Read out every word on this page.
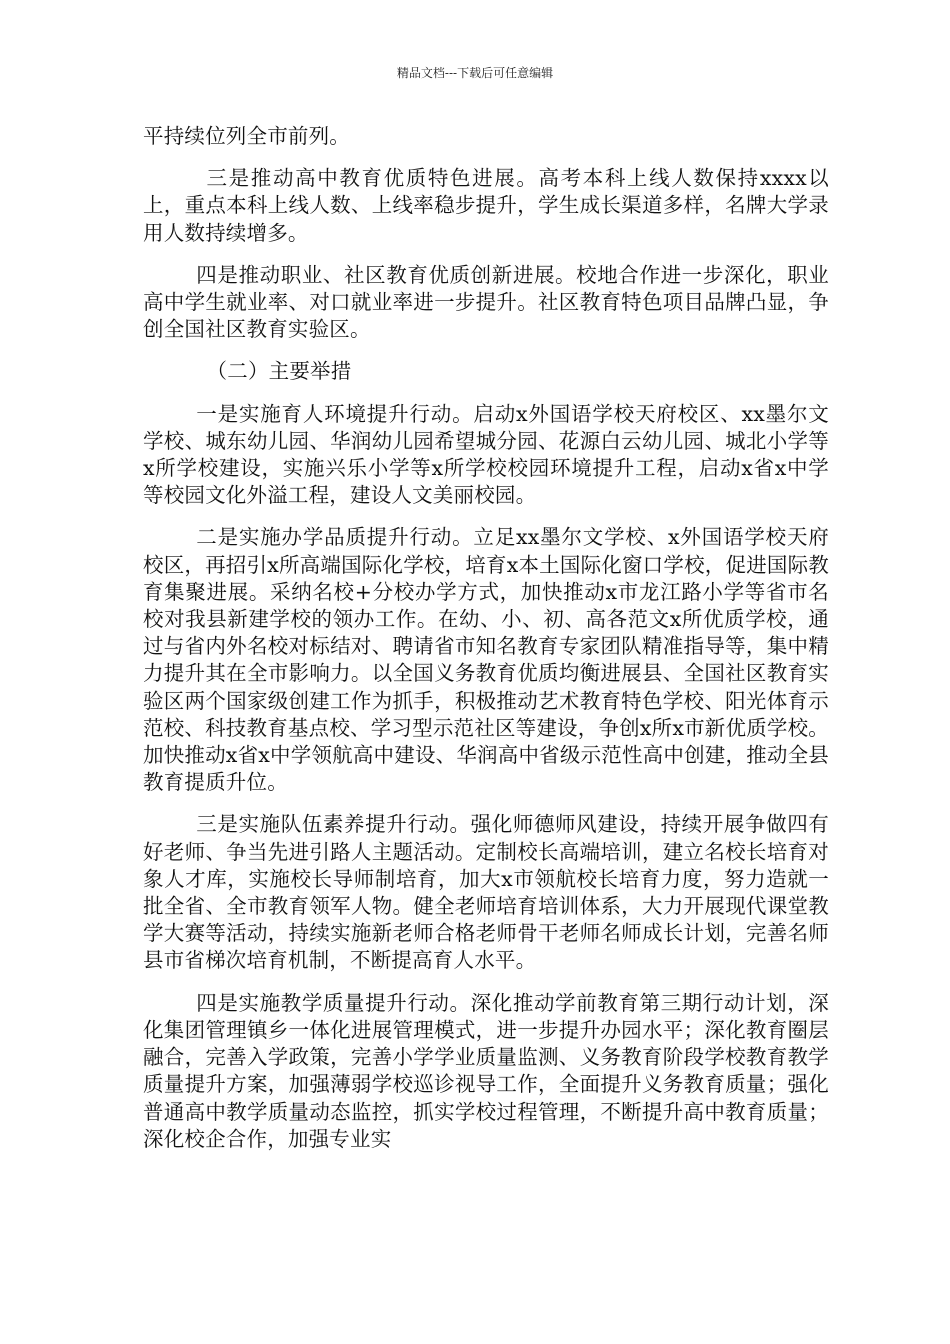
精品文档---下载后可任意编辑

平持续位列全市前列。

三是推动高中教育优质特色进展。高考本科上线人数保持xxxx以上，重点本科上线人数、上线率稳步提升，学生成长渠道多样，名牌大学录用人数持续增多。

四是推动职业、社区教育优质创新进展。校地合作进一步深化，职业高中学生就业率、对口就业率进一步提升。社区教育特色项目品牌凸显，争创全国社区教育实验区。

（二）主要举措

一是实施育人环境提升行动。启动x外国语学校天府校区、xx墨尔文学校、城东幼儿园、华润幼儿园希望城分园、花源白云幼儿园、城北小学等x所学校建设，实施兴乐小学等x所学校校园环境提升工程，启动x省x中学等校园文化外溢工程，建设人文美丽校园。

二是实施办学品质提升行动。立足xx墨尔文学校、x外国语学校天府校区，再招引x所高端国际化学校，培育x本土国际化窗口学校，促进国际教育集聚进展。采纳名校+分校办学方式，加快推动x市龙江路小学等省市名校对我县新建学校的领办工作。在幼、小、初、高各范文x所优质学校，通过与省内外名校对标结对、聘请省市知名教育专家团队精准指导等，集中精力提升其在全市影响力。以全国义务教育优质均衡进展县、全国社区教育实验区两个国家级创建工作为抓手，积极推动艺术教育特色学校、阳光体育示范校、科技教育基点校、学习型示范社区等建设，争创x所x市新优质学校。加快推动x省x中学领航高中建设、华润高中省级示范性高中创建，推动全县教育提质升位。

三是实施队伍素养提升行动。强化师德师风建设，持续开展争做四有好老师、争当先进引路人主题活动。定制校长高端培训，建立名校长培育对象人才库，实施校长导师制培育，加大x市领航校长培育力度，努力造就一批全省、全市教育领军人物。健全老师培育培训体系，大力开展现代课堂教学大赛等活动，持续实施新老师合格老师骨干老师名师成长计划，完善名师县市省梯次培育机制，不断提高育人水平。

四是实施教学质量提升行动。深化推动学前教育第三期行动计划，深化集团管理镇乡一体化进展管理模式，进一步提升办园水平；深化教育圈层融合，完善入学政策，完善小学学业质量监测、义务教育阶段学校教育教学质量提升方案，加强薄弱学校巡诊视导工作，全面提升义务教育质量；强化普通高中教学质量动态监控，抓实学校过程管理，不断提升高中教育质量；深化校企合作，加强专业实
